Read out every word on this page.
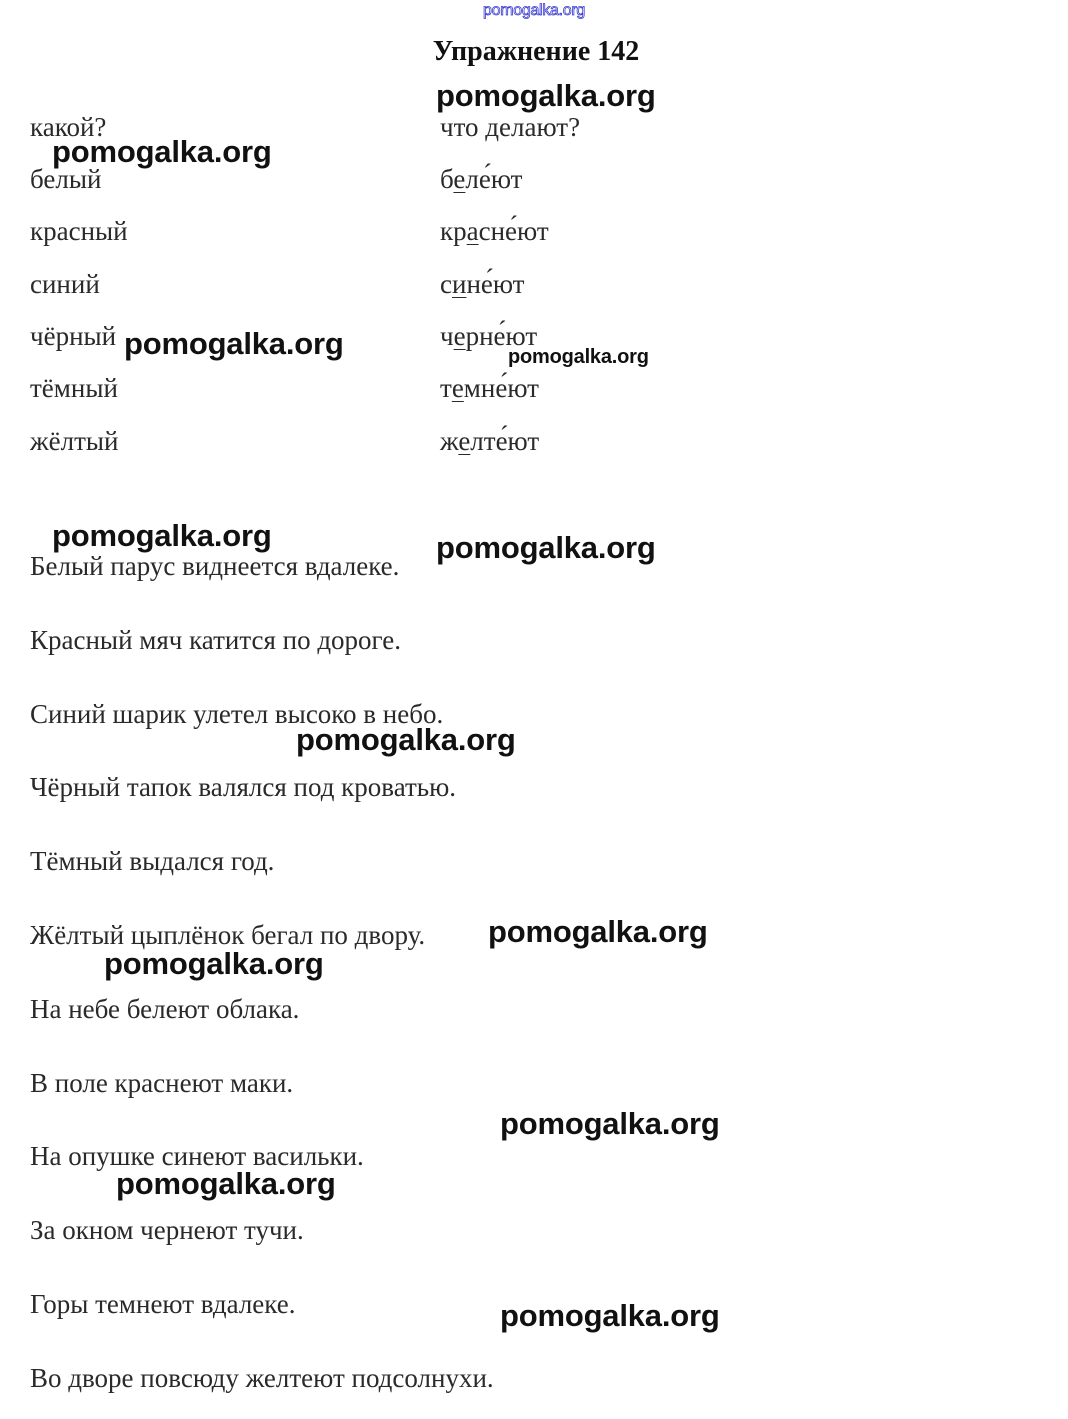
pomogalka.org
Упражнение 142
какой?	что делают?
белый	беле́ют
красный	красне́ют
синий	сине́ют
чёрный	черне́ют
тёмный	темне́ют
жёлтый	желте́ют
Белый парус виднеется вдалеке.
Красный мяч катится по дороге.
Синий шарик улетел высоко в небо.
Чёрный тапок валялся под кроватью.
Тёмный выдался год.
Жёлтый цыплёнок бегал по двору.
На небе белеют облака.
В поле краснеют маки.
На опушке синеют васильки.
За окном чернеют тучи.
Горы темнеют вдалеке.
Во дворе повсюду желтеют подсолнухи.
pomogalka.org
pomogalka.org
pomogalka.org	pomogalka.org
pomogalka.org	pomogalka.org
pomogalka.org
pomogalka.org
pomogalka.org
pomogalka.org
pomogalka.org
pomogalka.org
